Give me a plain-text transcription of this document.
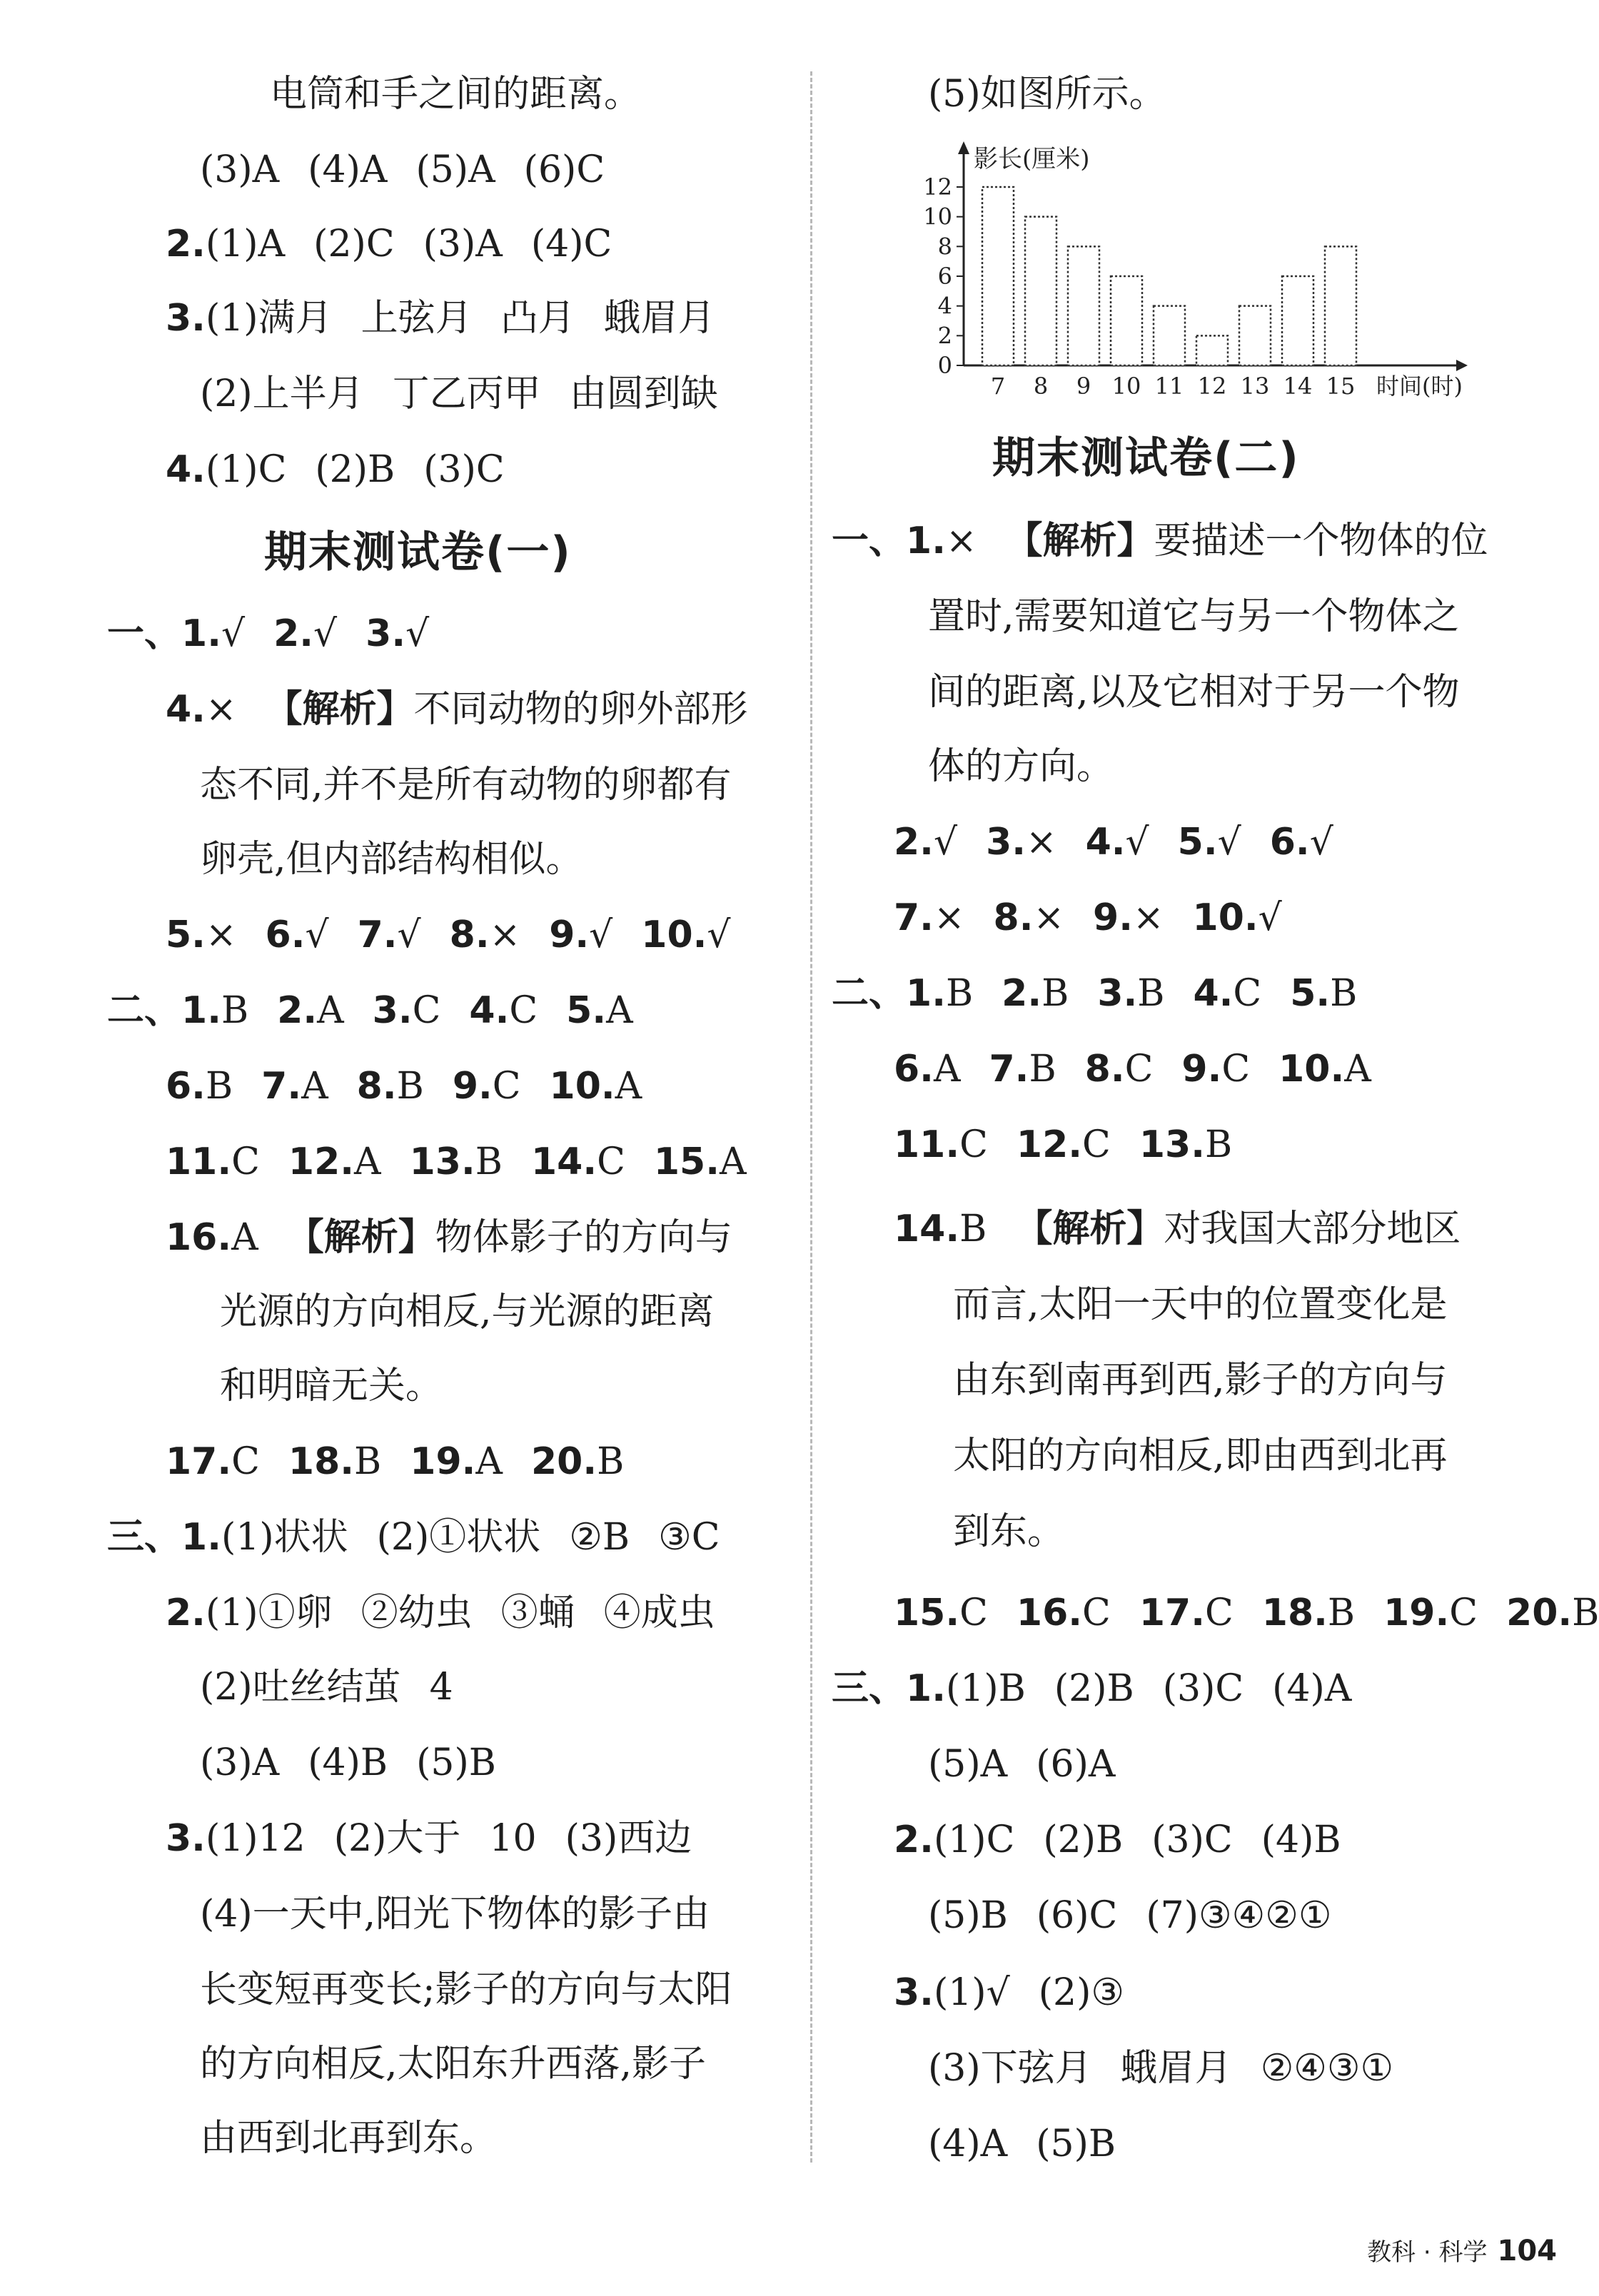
电筒和手之间的距离。
(3)A (4)A (5)A (6)C
2.(1)A (2)C (3)A (4)C
3.(1)满月 上弦月 凸月 蛾眉月
(2)上半月 丁乙丙甲 由圆到缺
4.(1)C (2)B (3)C
期末测试卷(一)
一、1.√ 2.√ 3.√
4.× 【解析】不同动物的卵外部形
态不同,并不是所有动物的卵都有
卵壳,但内部结构相似。
5.× 6.√ 7.√ 8.× 9.√ 10.√
二、1.B 2.A 3.C 4.C 5.A
6.B 7.A 8.B 9.C 10.A
11.C 12.A 13.B 14.C 15.A
16.A 【解析】物体影子的方向与
光源的方向相反,与光源的距离
和明暗无关。
17.C 18.B 19.A 20.B
三、1.(1)状状 (2)①状状 ②B ③C
2.(1)①卵 ②幼虫 ③蛹 ④成虫
(2)吐丝结茧 4
(3)A (4)B (5)B
3.(1)12 (2)大于 10 (3)西边
(4)一天中,阳光下物体的影子由
长变短再变长;影子的方向与太阳
的方向相反,太阳东升西落,影子
由西到北再到东。
(5)如图所示。
0
2
4
6
8
10
12
7 8 9 10 11 12 13 14 15
影长(厘米)
时间(时)
期末测试卷(二)
一、1.× 【解析】要描述一个物体的位
置时,需要知道它与另一个物体之
间的距离,以及它相对于另一个物
体的方向。
2.√ 3.× 4.√ 5.√ 6.√
7.× 8.× 9.× 10.√
二、1.B 2.B 3.B 4.C 5.B
6.A 7.B 8.C 9.C 10.A
11.C 12.C 13.B
14.B 【解析】对我国大部分地区
而言,太阳一天中的位置变化是
由东到南再到西,影子的方向与
太阳的方向相反,即由西到北再
到东。
15.C 16.C 17.C 18.B 19.C 20.B
三、1.(1)B (2)B (3)C (4)A
(5)A (6)A
2.(1)C (2)B (3)C (4)B
(5)B (6)C (7)③④②①
3.(1)√ (2)③
(3)下弦月 蛾眉月 ②④③①
(4)A (5)B
教科 · 科学 104
